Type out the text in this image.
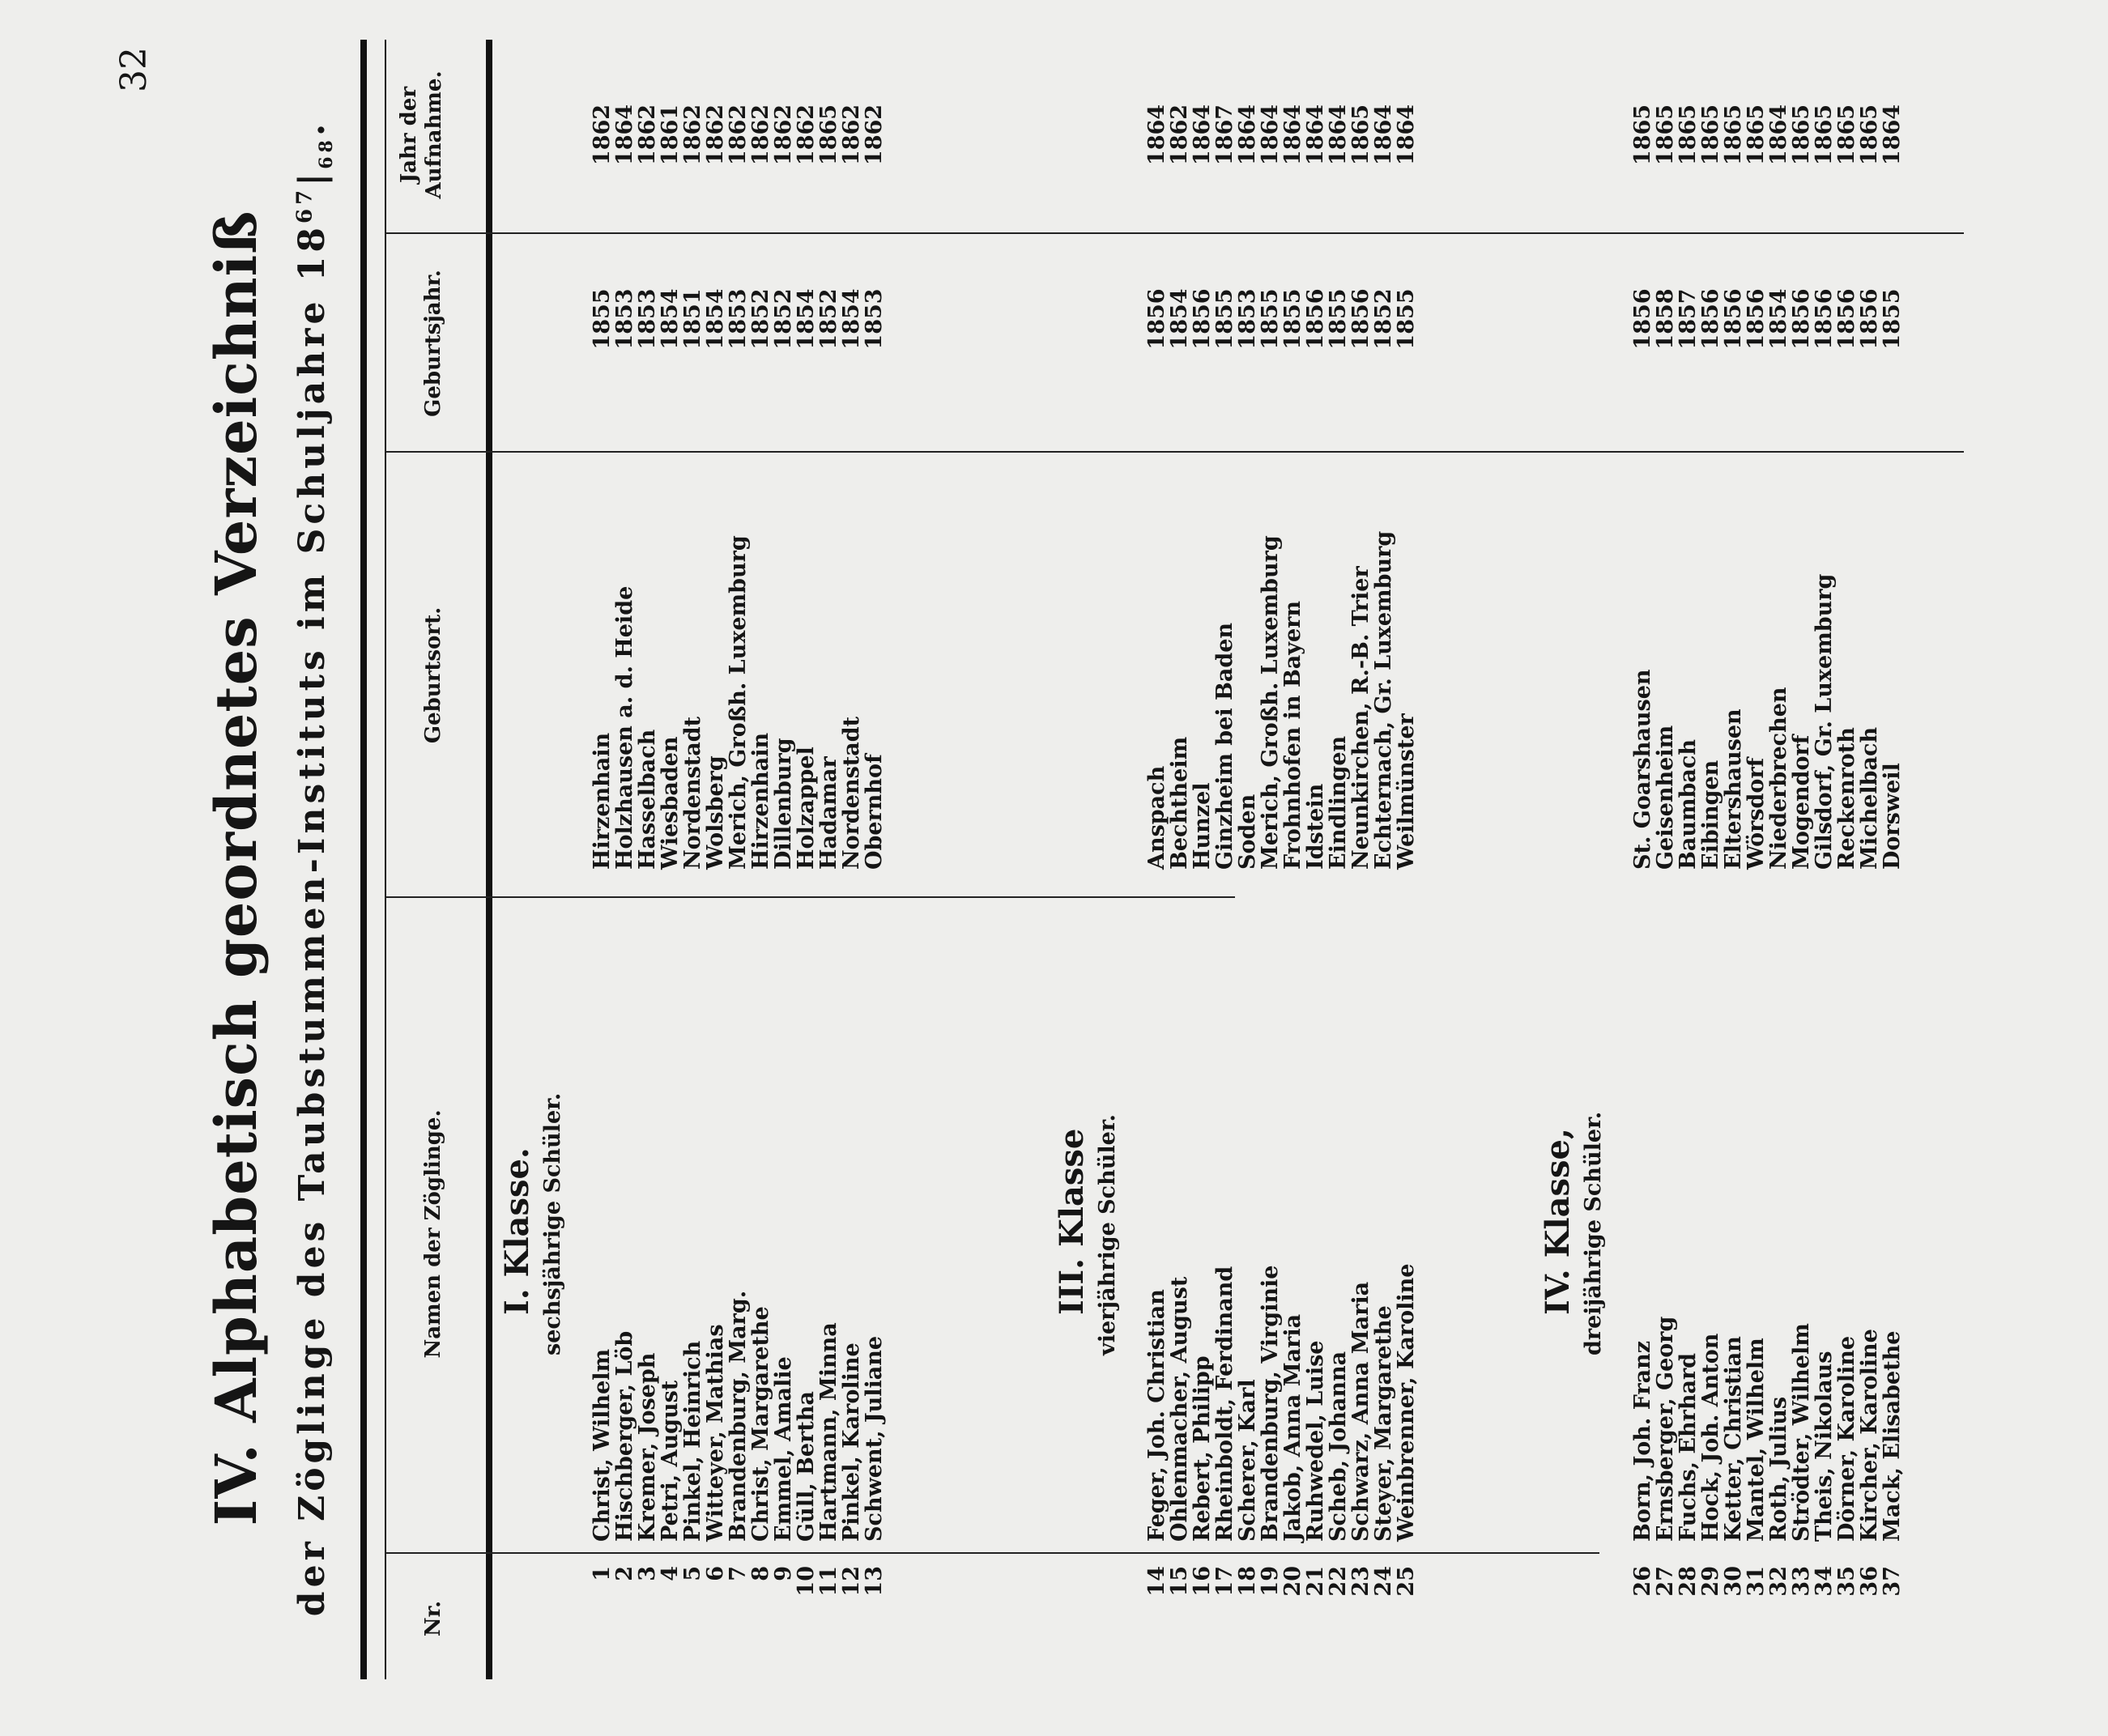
32
IV. Alphabetisch geordnetes Verzeichniß der Zöglinge des Taubstummen-Instituts im Schuljahre $18^{67}|_{68}$.
Nr.
Namen der Zöglinge.
Geburtsort.
Geburtsjahr.
Jahr der Aufnahme.
I. Klasse. sechsjährige Schüler.
1
Christ, Wilhelm
Hirzenhain
1855
1862
2
Hischberger, Löb
Holzhausen a. d. Heide
1853
1864
3
Kremer, Joseph
Hasselbach
1853
1862
4
Petri, August
Wiesbaden
1854
1861
5
Pinkel, Heinrich
Nordenstadt
1851
1862
6
Witteyer, Mathias
Wolsberg
1854
1862
7
Brandenburg, Marg.
Merich, Großh. Luxemburg
1853
1862
8
Christ, Margarethe
Hirzenhain
1852
1862
9
Emmel, Amalie
Dillenburg
1852
1862
10
Güll, Bertha
Holzappel
1854
1862
11
Hartmann, Minna
Hadamar
1852
1865
12
Pinkel, Karoline
Nordenstadt
1854
1862
13
Schwent, Juliane
Obernhof
1853
1862
III. Klasse vierjährige Schüler.
14
Feger, Joh. Christian
Anspach
1856
1864
15
Ohlenmacher, August
Bechtheim
1854
1862
16
Rebert, Philipp
Hunzel
1856
1864
17
Rheinboldt, Ferdinand
Ginzheim bei Baden
1855
1867
18
Scherer, Karl
Soden
1853
1864
19
Brandenburg, Virginie
Merich, Großh. Luxemburg
1855
1864
20
Jakob, Anna Maria
Frohnhofen in Bayern
1855
1864
21
Ruhwedel, Luise
Idstein
1856
1864
22
Scheb, Johanna
Eindlingen
1855
1864
23
Schwarz, Anna Maria
Neunkirchen, R.-B. Trier
1856
1865
24
Steyer, Margarethe
Echternach, Gr. Luxemburg
1852
1864
25
Weinbrenner, Karoline
Weilmünster
1855
1864
IV. Klasse, dreijährige Schüler.
26
Born, Joh. Franz
St. Goarshausen
1856
1865
27
Ernsberger, Georg
Geisenheim
1858
1865
28
Fuchs, Ehrhard
Baumbach
1857
1865
29
Hock, Joh. Anton
Eibingen
1856
1865
30
Ketter, Christian
Eltershausen
1856
1865
31
Mantel, Wilhelm
Wörsdorf
1856
1865
32
Roth, Julius
Niederbrechen
1854
1864
33
Strödter, Wilhelm
Mogendorf
1856
1865
34
Theis, Nikolaus
Gilsdorf, Gr. Luxemburg
1856
1865
35
Dörner, Karoline
Reckenroth
1856
1865
36
Kircher, Karoline
Michelbach
1856
1865
37
Mack, Elisabethe
Dorsweil
1855
1864
